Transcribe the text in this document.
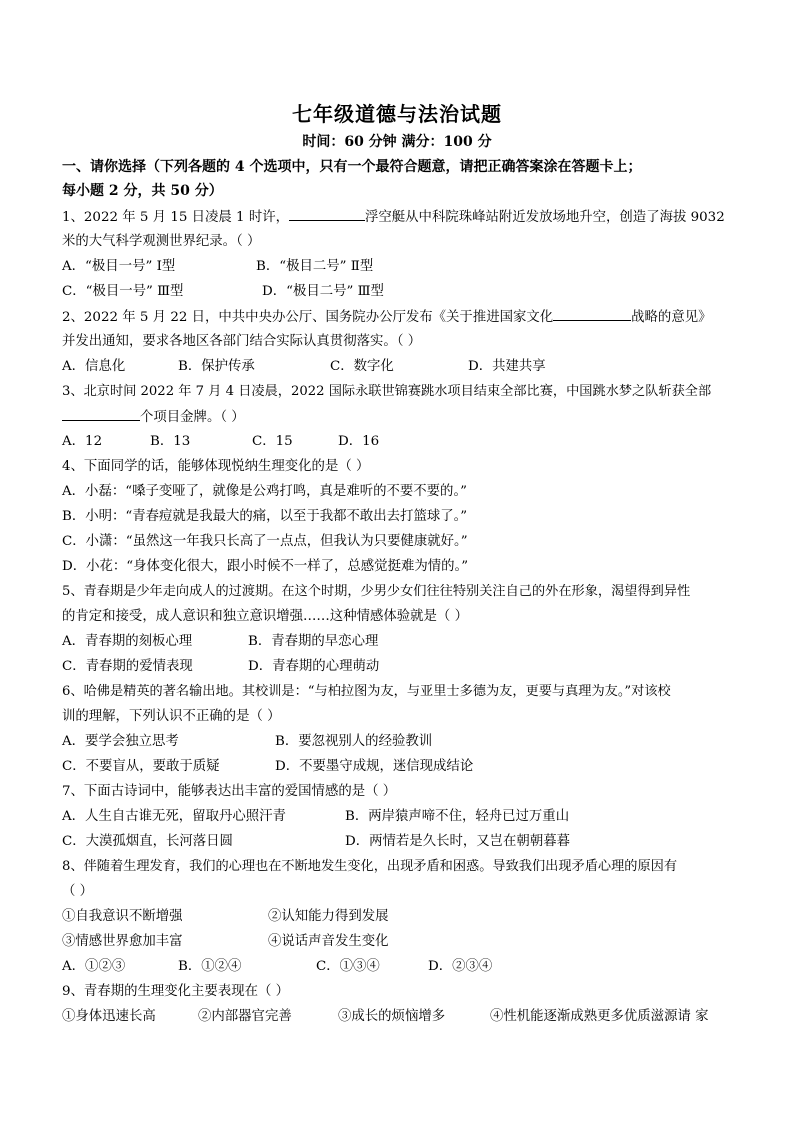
七年级道德与法治试题
时间：60 分钟 满分：100 分
一、请你选择（下列各题的 4 个选项中，只有一个最符合题意，请把正确答案涂在答题卡上；
每小题 2 分，共 50 分）
1、2022 年 5 月 15 日凌晨 1 时许，	浮空艇从中科院珠峰站附近发放场地升空，创造了海拔 9032
米的大气科学观测世界纪录。（ ）
A．“极目一号” Ⅰ型	B．“极目二号” Ⅱ型
C．“极目一号” Ⅲ型	D．“极目二号” Ⅲ型
2、2022 年 5 月 22 日，中共中央办公厅、国务院办公厅发布《关于推进国家文化	战略的意见》
并发出通知，要求各地区各部门结合实际认真贯彻落实。（ ）
A．信息化	B．保护传承	C．数字化	D．共建共享
3、北京时间 2022 年 7 月 4 日凌晨，2022 国际永联世锦赛跳水项目结束全部比赛，中国跳水梦之队斩获全部
个项目金牌。（ ）
A．12	B．13	C．15	D．16
4、下面同学的话，能够体现悦纳生理变化的是（ ）
A．小磊：“嗓子变哑了，就像是公鸡打鸣，真是难听的不要不要的。”
B．小明：“青春痘就是我最大的痛，以至于我都不敢出去打篮球了。”
C．小潇：“虽然这一年我只长高了一点点，但我认为只要健康就好。”
D．小花：“身体变化很大，跟小时候不一样了，总感觉挺难为情的。”
5、青春期是少年走向成人的过渡期。在这个时期，少男少女们往往特别关注自己的外在形象，渴望得到异性
的肯定和接受，成人意识和独立意识增强……这种情感体验就是（ ）
A．青春期的刻板心理	B．青春期的早恋心理
C．青春期的爱情表现	D．青春期的心理萌动
6、哈佛是精英的著名输出地。其校训是：“与柏拉图为友，与亚里士多德为友，更要与真理为友。”对该校
训的理解，下列认识不正确的是（ ）
A．要学会独立思考	B．要忽视别人的经验教训
C．不要盲从，要敢于质疑	D．不要墨守成规，迷信现成结论
7、下面古诗词中，能够表达出丰富的爱国情感的是（ ）
A．人生自古谁无死，留取丹心照汗青	B．两岸猿声啼不住，轻舟已过万重山
C．大漠孤烟直，长河落日圆	D．两情若是久长时，又岂在朝朝暮暮
8、伴随着生理发育，我们的心理也在不断地发生变化，出现矛盾和困惑。导致我们出现矛盾心理的原因有
（ ）
①自我意识不断增强	②认知能力得到发展
③情感世界愈加丰富	④说话声音发生变化
A．①②③	B．①②④	C．①③④	D．②③④
9、青春期的生理变化主要表现在（ ）
①身体迅速长高	②内部器官完善	③成长的烦恼增多	④性机能逐渐成熟更多优质滋源请 家
